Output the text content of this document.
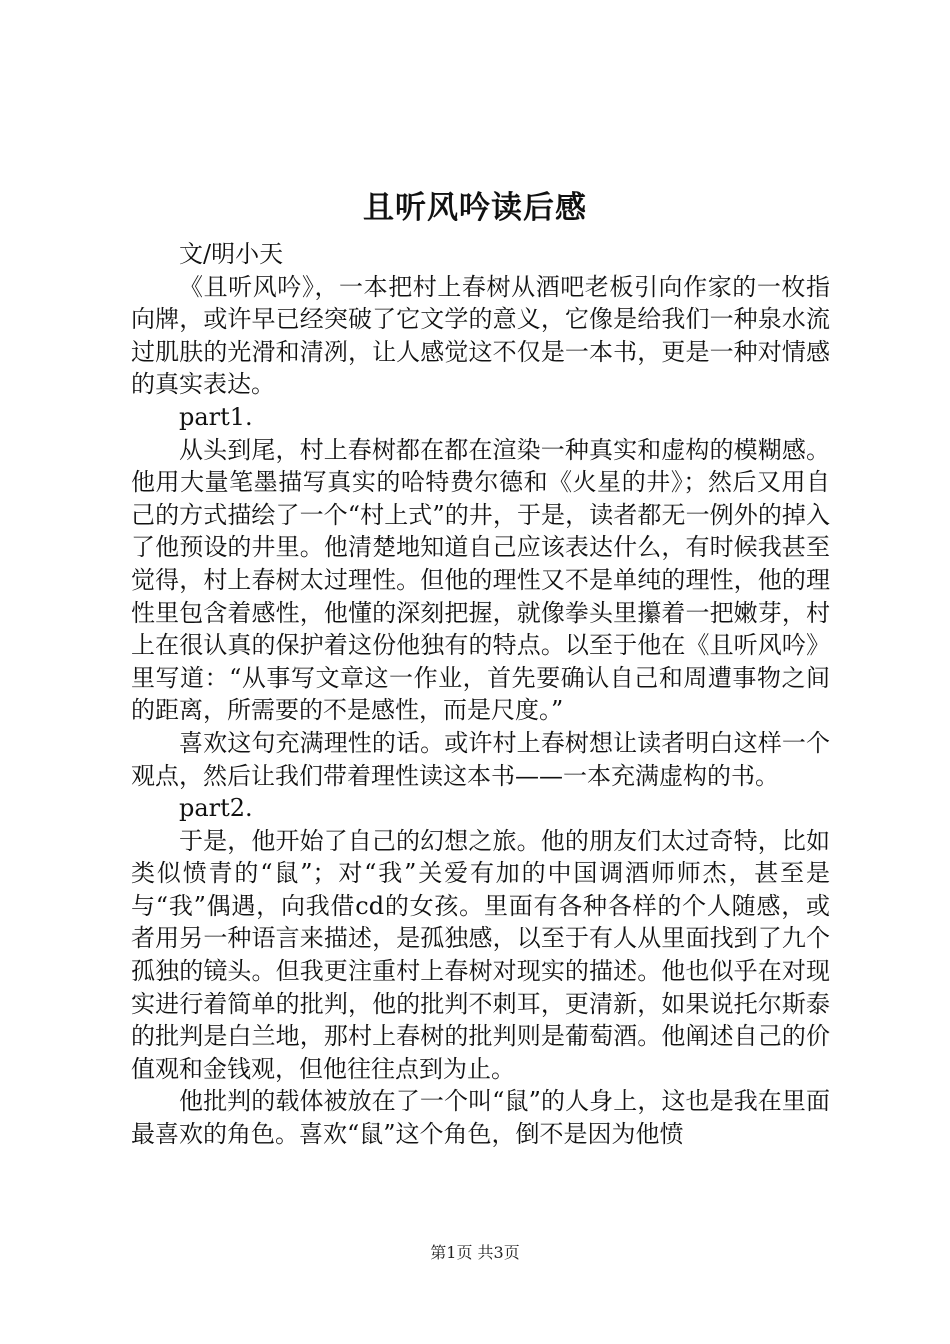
且听风吟读后感

文/明小天

《且听风吟》，一本把村上春树从酒吧老板引向作家的一枚指向牌，或许早已经突破了它文学的意义，它像是给我们一种泉水流过肌肤的光滑和清冽，让人感觉这不仅是一本书，更是一种对情感的真实表达。

part1.

从头到尾，村上春树都在都在渲染一种真实和虚构的模糊感。他用大量笔墨描写真实的哈特费尔德和《火星的井》；然后又用自己的方式描绘了一个“村上式”的井，于是，读者都无一例外的掉入了他预设的井里。他清楚地知道自己应该表达什么，有时候我甚至觉得，村上春树太过理性。但他的理性又不是单纯的理性，他的理性里包含着感性，他懂的深刻把握，就像拳头里攥着一把嫩芽，村上在很认真的保护着这份他独有的特点。以至于他在《且听风吟》里写道：“从事写文章这一作业，首先要确认自己和周遭事物之间的距离，所需要的不是感性，而是尺度。”

喜欢这句充满理性的话。或许村上春树想让读者明白这样一个观点，然后让我们带着理性读这本书——一本充满虚构的书。

part2.

于是，他开始了自己的幻想之旅。他的朋友们太过奇特，比如类似愤青的“鼠”；对“我”关爱有加的中国调酒师师杰，甚至是与“我”偶遇，向我借cd的女孩。里面有各种各样的个人随感，或者用另一种语言来描述，是孤独感，以至于有人从里面找到了九个孤独的镜头。但我更注重村上春树对现实的描述。他也似乎在对现实进行着简单的批判，他的批判不刺耳，更清新，如果说托尔斯泰的批判是白兰地，那村上春树的批判则是葡萄酒。他阐述自己的价值观和金钱观，但他往往点到为止。

他批判的载体被放在了一个叫“鼠”的人身上，这也是我在里面最喜欢的角色。喜欢“鼠”这个角色，倒不是因为他愤

第1页 共3页
